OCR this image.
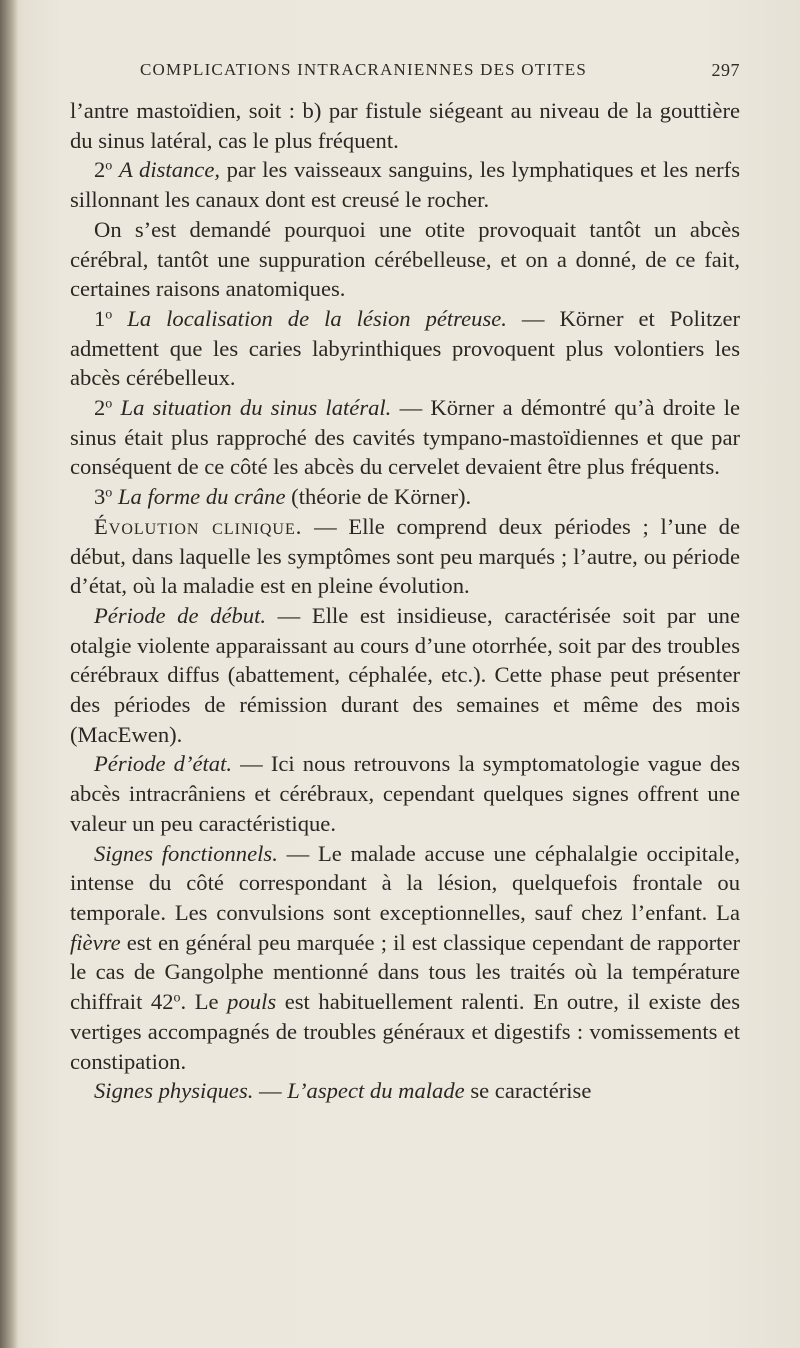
COMPLICATIONS INTRACRANIENNES DES OTITES	297

l’antre mastoïdien, soit : b) par fistule siégeant au niveau de la gouttière du sinus latéral, cas le plus fréquent.

2$^o$ A distance, par les vaisseaux sanguins, les lymphatiques et les nerfs sillonnant les canaux dont est creusé le rocher.

On s’est demandé pourquoi une otite provoquait tantôt un abcès cérébral, tantôt une suppuration cérébelleuse, et on a donné, de ce fait, certaines raisons anatomiques.

1$^o$ La localisation de la lésion pétreuse. — Körner et Politzer admettent que les caries labyrinthiques provoquent plus volontiers les abcès cérébelleux.

2$^o$ La situation du sinus latéral. — Körner a démontré qu’à droite le sinus était plus rapproché des cavités tympano-mastoïdiennes et que par conséquent de ce côté les abcès du cervelet devaient être plus fréquents.

3$^o$ La forme du crâne (théorie de Körner).

Évolution clinique. — Elle comprend deux périodes ; l’une de début, dans laquelle les symptômes sont peu marqués ; l’autre, ou période d’état, où la maladie est en pleine évolution.

Période de début. — Elle est insidieuse, caractérisée soit par une otalgie violente apparaissant au cours d’une otorrhée, soit par des troubles cérébraux diffus (abattement, céphalée, etc.). Cette phase peut présenter des périodes de rémission durant des semaines et même des mois (MacEwen).

Période d’état. — Ici nous retrouvons la symptomatologie vague des abcès intracrâniens et cérébraux, cependant quelques signes offrent une valeur un peu caractéristique.

Signes fonctionnels. — Le malade accuse une céphalalgie occipitale, intense du côté correspondant à la lésion, quelquefois frontale ou temporale. Les convulsions sont exceptionnelles, sauf chez l’enfant. La fièvre est en général peu marquée ; il est classique cependant de rapporter le cas de Gangolphe mentionné dans tous les traités où la température chiffrait 42$^o$. Le pouls est habituellement ralenti. En outre, il existe des vertiges accompagnés de troubles généraux et digestifs : vomissements et constipation.

Signes physiques. — L’aspect du malade se caractérise
